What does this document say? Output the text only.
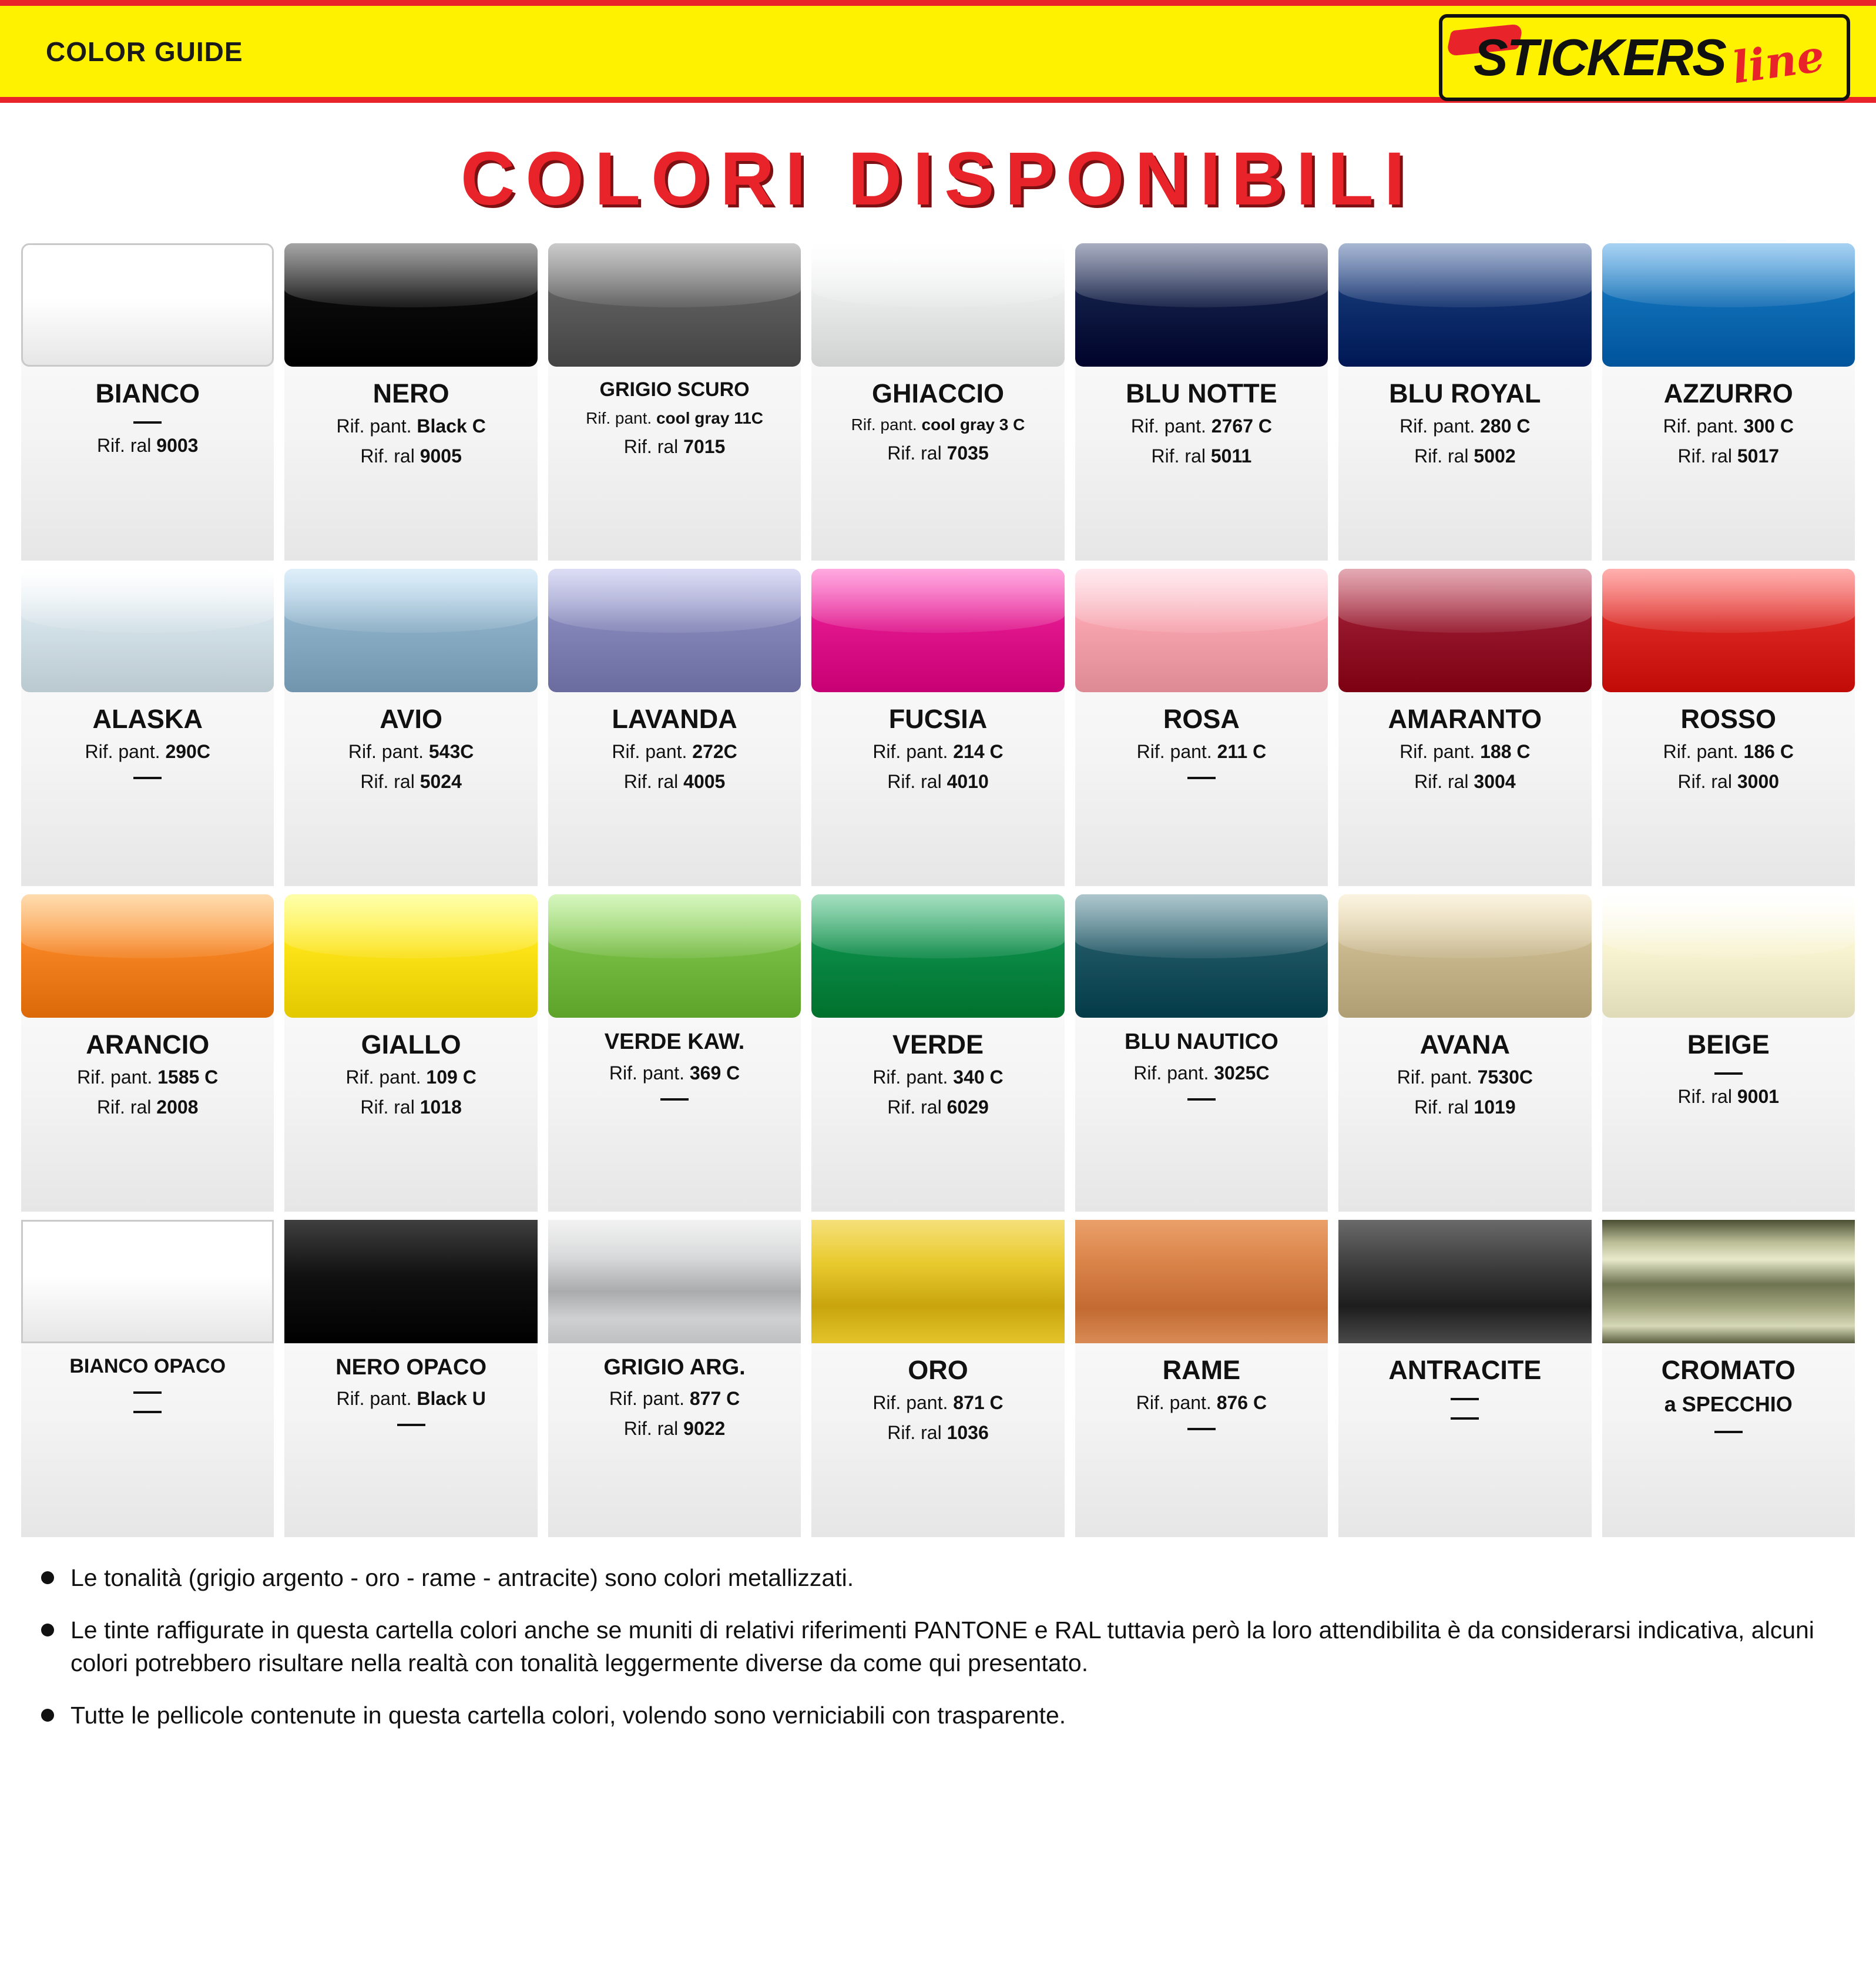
COLOR GUIDE	STICKERS line
COLORI DISPONIBILI
BIANCO
Rif. ral 9003
NERO
Rif. pant. Black C
Rif. ral 9005
GRIGIO SCURO
Rif. pant. cool gray 11C
Rif. ral 7015
GHIACCIO
Rif. pant. cool gray 3 C
Rif. ral 7035
BLU NOTTE
Rif. pant. 2767 C
Rif. ral 5011
BLU ROYAL
Rif. pant. 280 C
Rif. ral 5002
AZZURRO
Rif. pant. 300 C
Rif. ral 5017
ALASKA
Rif. pant. 290C
AVIO
Rif. pant. 543C
Rif. ral 5024
LAVANDA
Rif. pant. 272C
Rif. ral 4005
FUCSIA
Rif. pant. 214 C
Rif. ral 4010
ROSA
Rif. pant. 211 C
AMARANTO
Rif. pant. 188 C
Rif. ral 3004
ROSSO
Rif. pant. 186 C
Rif. ral 3000
ARANCIO
Rif. pant. 1585 C
Rif. ral 2008
GIALLO
Rif. pant. 109 C
Rif. ral 1018
VERDE KAW.
Rif. pant. 369 C
VERDE
Rif. pant. 340 C
Rif. ral 6029
BLU NAUTICO
Rif. pant. 3025C
AVANA
Rif. pant. 7530C
Rif. ral 1019
BEIGE
Rif. ral 9001
BIANCO OPACO	NERO OPACO
Rif. pant. Black U
GRIGIO ARG.
Rif. pant. 877 C
Rif. ral 9022
ORO
Rif. pant. 871 C
Rif. ral 1036
RAME
Rif. pant. 876 C
ANTRACITE	CROMATO
a SPECCHIO
Le tonalità (grigio argento - oro - rame - antracite) sono colori metallizzati.
Le tinte raffigurate in questa cartella colori anche se muniti di relativi riferimenti PANTONE e RAL tuttavia però la loro attendibilita è da considerarsi indicativa, alcuni colori potrebbero risultare nella realtà con tonalità leggermente diverse da come qui presentato.
Tutte le pellicole contenute in questa cartella colori, volendo sono verniciabili con trasparente.
